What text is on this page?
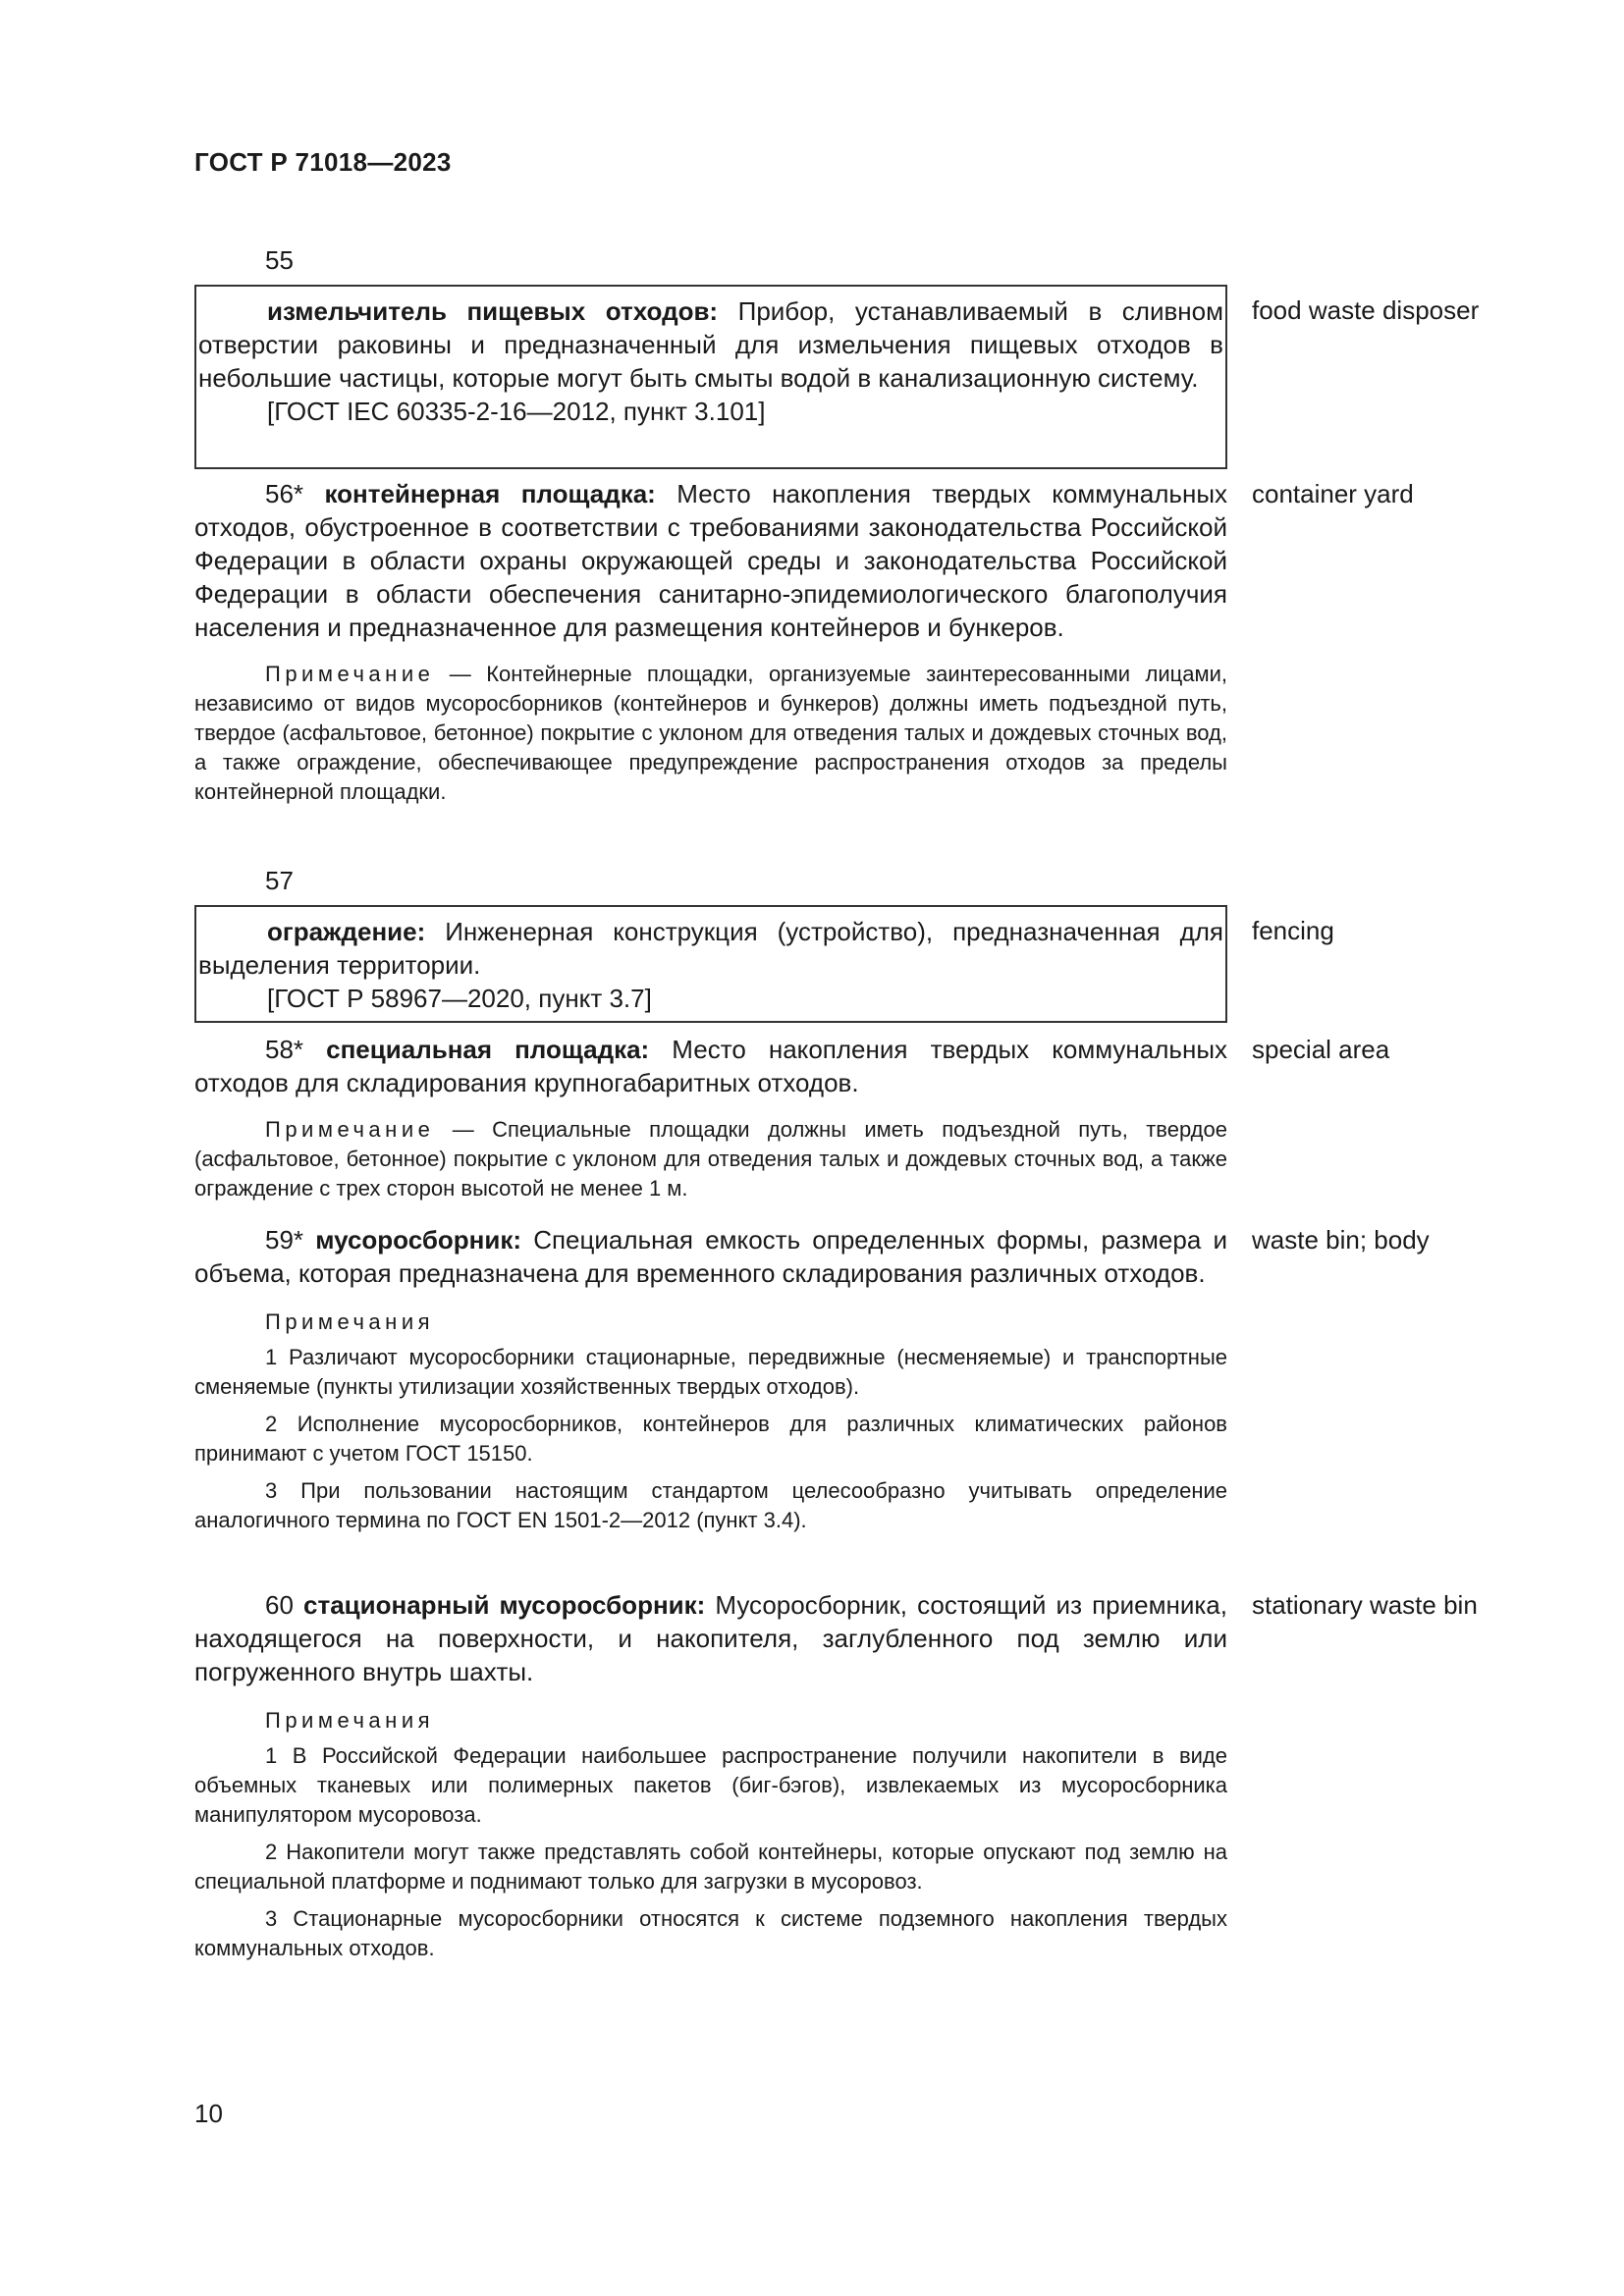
ГОСТ Р 71018—2023
55
измельчитель пищевых отходов: Прибор, устанавливаемый в сливном отверстии раковины и предназначенный для измельчения пищевых отходов в небольшие частицы, которые могут быть смыты водой в канализационную систему.
[ГОСТ IEC 60335-2-16—2012, пункт 3.101]
food waste disposer

56* контейнерная площадка: Место накопления твердых коммунальных отходов, обустроенное в соответствии с требованиями законодательства Российской Федерации в области охраны окружающей среды и законодательства Российской Федерации в области обеспечения санитарно-эпидемиологического благополучия населения и предназначенное для размещения контейнеров и бункеров.

Примечание — Контейнерные площадки, организуемые заинтересованными лицами, независимо от видов мусоросборников (контейнеров и бункеров) должны иметь подъездной путь, твердое (асфальтовое, бетонное) покрытие с уклоном для отведения талых и дождевых сточных вод, а также ограждение, обеспечивающее предупреждение распространения отходов за пределы контейнерной площадки.

container yard
57
ограждение: Инженерная конструкция (устройство), предназначенная для выделения территории.
[ГОСТ Р 58967—2020, пункт 3.7]
fencing

58* специальная площадка: Место накопления твердых коммунальных отходов для складирования крупногабаритных отходов.

Примечание — Специальные площадки должны иметь подъездной путь, твердое (асфальтовое, бетонное) покрытие с уклоном для отведения талых и дождевых сточных вод, а также ограждение с трех сторон высотой не менее 1 м.

special area

59* мусоросборник: Специальная емкость определенных формы, размера и объема, которая предназначена для временного складирования различных отходов.

Примечания

1 Различают мусоросборники стационарные, передвижные (несменяемые) и транспортные сменяемые (пункты утилизации хозяйственных твердых отходов).

2 Исполнение мусоросборников, контейнеров для различных климатических районов принимают с учетом ГОСТ 15150.

3 При пользовании настоящим стандартом целесообразно учитывать определение аналогичного термина по ГОСТ EN 1501-2—2012 (пункт 3.4).

waste bin; body

60 стационарный мусоросборник: Мусоросборник, состоящий из приемника, находящегося на поверхности, и накопителя, заглубленного под землю или погруженного внутрь шахты.

Примечания

1 В Российской Федерации наибольшее распространение получили накопители в виде объемных тканевых или полимерных пакетов (биг-бэгов), извлекаемых из мусоросборника манипулятором мусоровоза.

2 Накопители могут также представлять собой контейнеры, которые опускают под землю на специальной платформе и поднимают только для загрузки в мусоровоз.

3 Стационарные мусоросборники относятся к системе подземного накопления твердых коммунальных отходов.

stationary waste bin
10
